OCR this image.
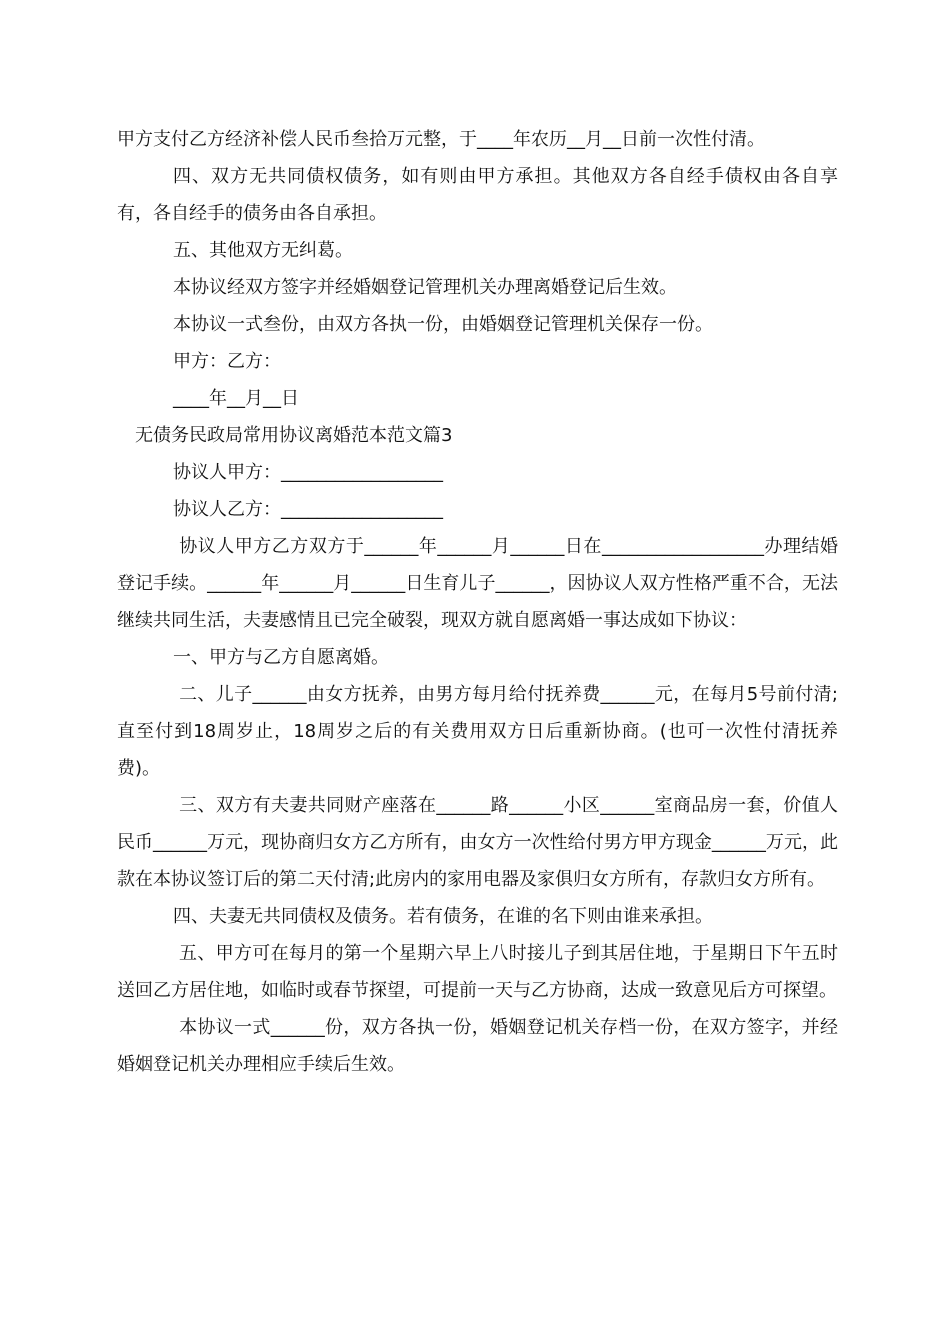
甲方支付乙方经济补偿人民币叁拾万元整，于____年农历__月__日前一次性付清。

四、双方无共同债权债务，如有则由甲方承担。其他双方各自经手债权由各自享有，各自经手的债务由各自承担。

五、其他双方无纠葛。

本协议经双方签字并经婚姻登记管理机关办理离婚登记后生效。

本协议一式叁份，由双方各执一份，由婚姻登记管理机关保存一份。

甲方：乙方：

____年__月__日

无债务民政局常用协议离婚范本范文篇3

协议人甲方：__________________

协议人乙方：__________________

协议人甲方乙方双方于______年______月______日在__________________办理结婚登记手续。______年______月______日生育儿子______，因协议人双方性格严重不合，无法继续共同生活，夫妻感情且已完全破裂，现双方就自愿离婚一事达成如下协议：

一、甲方与乙方自愿离婚。

二、儿子______由女方抚养，由男方每月给付抚养费______元，在每月5号前付清;直至付到18周岁止，18周岁之后的有关费用双方日后重新协商。(也可一次性付清抚养费)。

三、双方有夫妻共同财产座落在______路______小区______室商品房一套，价值人民币______万元，现协商归女方乙方所有，由女方一次性给付男方甲方现金______万元，此款在本协议签订后的第二天付清;此房内的家用电器及家俱归女方所有，存款归女方所有。

四、夫妻无共同债权及债务。若有债务，在谁的名下则由谁来承担。

五、甲方可在每月的第一个星期六早上八时接儿子到其居住地，于星期日下午五时送回乙方居住地，如临时或春节探望，可提前一天与乙方协商，达成一致意见后方可探望。

本协议一式______份，双方各执一份，婚姻登记机关存档一份，在双方签字，并经婚姻登记机关办理相应手续后生效。
